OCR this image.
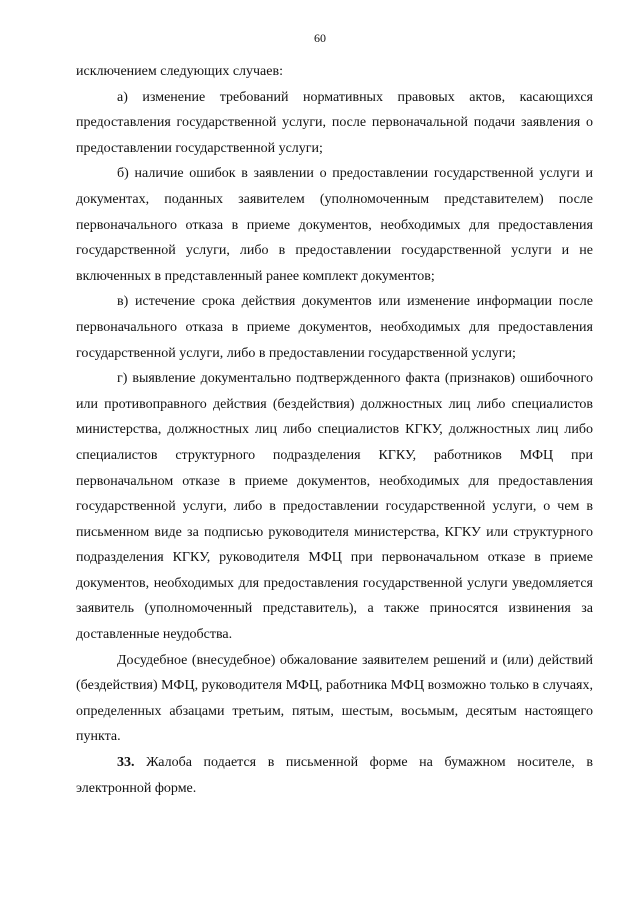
60

исключением следующих случаев:

а) изменение требований нормативных правовых актов, касающихся предоставления государственной услуги, после первоначальной подачи заявления о предоставлении государственной услуги;

б) наличие ошибок в заявлении о предоставлении государственной услуги и документах, поданных заявителем (уполномоченным представителем) после первоначального отказа в приеме документов, необходимых для предоставления государственной услуги, либо в предоставлении государственной услуги и не включенных в представленный ранее комплект документов;

в) истечение срока действия документов или изменение информации после первоначального отказа в приеме документов, необходимых для предоставления государственной услуги, либо в предоставлении государственной услуги;

г) выявление документально подтвержденного факта (признаков) ошибочного или противоправного действия (бездействия) должностных лиц либо специалистов министерства, должностных лиц либо специалистов КГКУ, должностных лиц либо специалистов структурного подразделения КГКУ, работников МФЦ при первоначальном отказе в приеме документов, необходимых для предоставления государственной услуги, либо в предоставлении государственной услуги, о чем в письменном виде за подписью руководителя министерства, КГКУ или структурного подразделения КГКУ, руководителя МФЦ при первоначальном отказе в приеме документов, необходимых для предоставления государственной услуги уведомляется заявитель (уполномоченный представитель), а также приносятся извинения за доставленные неудобства.

Досудебное (внесудебное) обжалование заявителем решений и (или) действий (бездействия) МФЦ, руководителя МФЦ, работника МФЦ возможно только в случаях, определенных абзацами третьим, пятым, шестым, восьмым, десятым настоящего пункта.

33. Жалоба подается в письменной форме на бумажном носителе, в электронной форме.
